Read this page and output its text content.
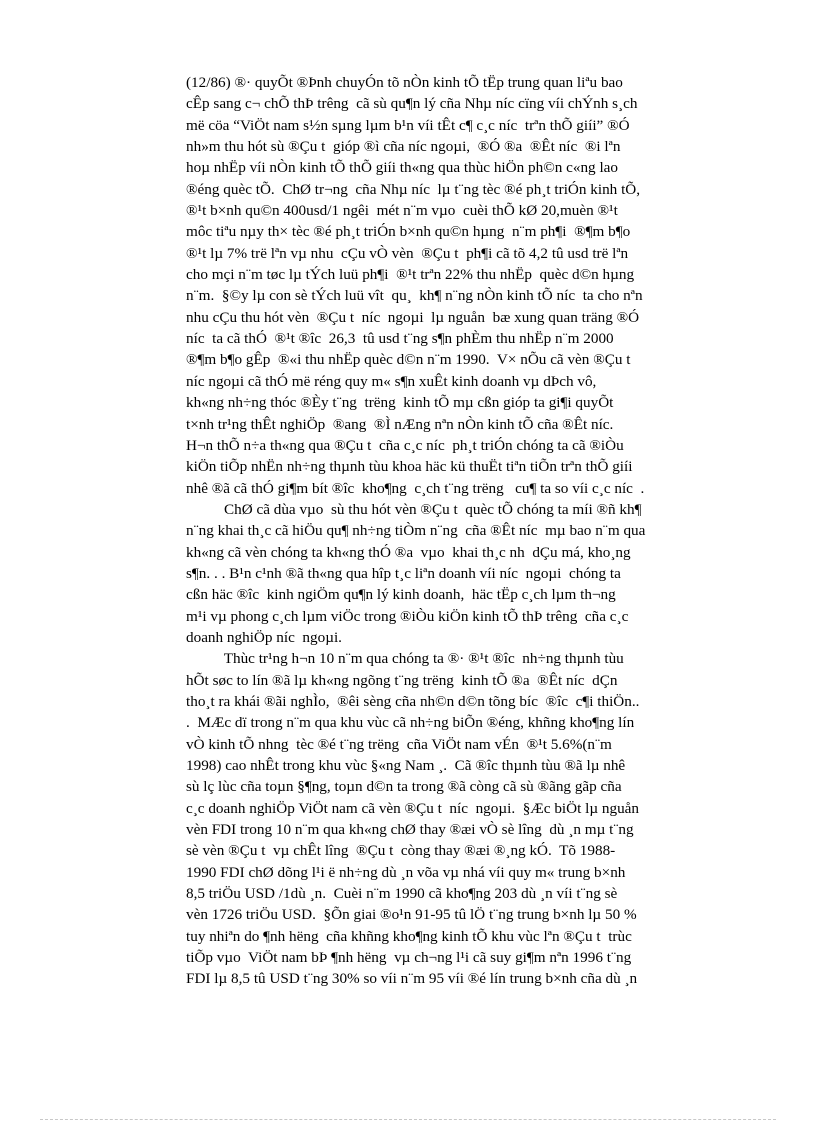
(12/86) ®· quyÕt ®Þnh chuyÓn tõ nÒn kinh tÕ tËp trung quan liªu bao
cÊp sang c¬ chÕ thÞ trêng  cã sù qu¶n lý cña Nhµ níc cïng víi chÝnh s¸ch
më cöa “ViÖt nam s½n sµng lµm b¹n víi tÊt c¶ c¸c níc  trªn thÕ giíi” ®Ó
nh»m thu hót sù ®Çu t  gióp ®ì cña níc ngoµi,  ®Ó ®a  ®Êt níc  ®i lªn
hoµ nhËp víi nÒn kinh tÕ thÕ giíi th«ng qua thùc hiÖn ph©n c«ng lao
®éng quèc tÕ.  ChØ tr¬ng  cña Nhµ níc  lµ t¨ng tèc ®é ph¸t triÓn kinh tÕ,
®¹t b×nh qu©n 400usd/1 ngêi  mét n¨m vµo  cuèi thÕ kØ 20,muèn ®¹t
môc tiªu nµy th× tèc ®é ph¸t triÓn b×nh qu©n hµng  n¨m ph¶i  ®¶m b¶o
®¹t lµ 7% trë lªn vµ nhu  cÇu vÒ vèn  ®Çu t  ph¶i cã tõ 4,2 tû usd trë lªn
cho mçi n¨m tøc lµ tÝch luü ph¶i  ®¹t trªn 22% thu nhËp  quèc d©n hµng
n¨m.  §©y lµ con sè tÝch luü vît  qu¸  kh¶ n¨ng nÒn kinh tÕ níc  ta cho nªn
nhu cÇu thu hót vèn  ®Çu t  níc  ngoµi  lµ nguån  bæ xung quan träng ®Ó
níc  ta cã thÓ  ®¹t ®îc  26,3  tû usd t¨ng s¶n phÈm thu nhËp n¨m 2000
®¶m b¶o gÊp  ®«i thu nhËp quèc d©n n¨m 1990.  V× nÕu cã vèn ®Çu t
níc ngoµi cã thÓ më réng quy m« s¶n xuÊt kinh doanh vµ dÞch vô,
kh«ng nh÷ng thóc ®Èy t¨ng  trëng  kinh tÕ mµ cßn gióp ta gi¶i quyÕt
t×nh tr¹ng thÊt nghiÖp  ®ang  ®Ì nÆng nªn nÒn kinh tÕ cña ®Êt níc.
H¬n thÕ n÷a th«ng qua ®Çu t  cña c¸c níc  ph¸t triÓn chóng ta cã ®iÒu
kiÖn tiÕp nhËn nh÷ng thµnh tùu khoa häc kü thuËt tiªn tiÕn trªn thÕ giíi
nhê ®ã cã thÓ gi¶m bít ®îc  kho¶ng  c¸ch t¨ng trëng   cu¶ ta so víi c¸c níc  .
ChØ cã dùa vµo  sù thu hót vèn ®Çu t  quèc tÕ chóng ta míi ®ñ kh¶
n¨ng khai th¸c cã hiÖu qu¶ nh÷ng tiÒm n¨ng  cña ®Êt níc  mµ bao n¨m qua
kh«ng cã vèn chóng ta kh«ng thÓ ®a  vµo  khai th¸c nh  dÇu má, kho¸ng
s¶n. . . B¹n c¹nh ®ã th«ng qua hîp t¸c liªn doanh víi níc  ngoµi  chóng ta
cßn häc ®îc  kinh ngiÖm qu¶n lý kinh doanh,  häc tËp c¸ch lµm th¬ng
m¹i vµ phong c¸ch lµm viÖc trong ®iÒu kiÖn kinh tÕ thÞ trêng  cña c¸c
doanh nghiÖp níc  ngoµi.
Thùc tr¹ng h¬n 10 n¨m qua chóng ta ®· ®¹t ®îc  nh÷ng thµnh tùu
hÕt søc to lín ®ã lµ kh«ng ngõng t¨ng trëng  kinh tÕ ®a  ®Êt níc  dÇn
tho¸t ra khái ®ãi nghÌo,  ®êi sèng cña nh©n d©n tõng bíc  ®îc  c¶i thiÖn..
.  MÆc dï trong n¨m qua khu vùc cã nh÷ng biÕn ®éng, khñng kho¶ng lín
vÒ kinh tÕ nhng  tèc ®é t¨ng trëng  cña ViÖt nam vÉn  ®¹t 5.6%(n¨m
1998) cao nhÊt trong khu vùc §«ng Nam ¸.  Cã ®îc thµnh tùu ®ã lµ nhê
sù lç lùc cña toµn §¶ng, toµn d©n ta trong ®ã còng cã sù ®ãng gãp cña
c¸c doanh nghiÖp ViÖt nam cã vèn ®Çu t  níc  ngoµi.  §Æc biÖt lµ nguån
vèn FDI trong 10 n¨m qua kh«ng chØ thay ®æi vÒ sè lîng  dù ¸n mµ t¨ng
sè vèn ®Çu t  vµ chÊt lîng  ®Çu t  còng thay ®æi ®¸ng kÓ.  Tõ 1988-
1990 FDI chØ dõng l¹i ë nh÷ng dù ¸n võa vµ nhá víi quy m« trung b×nh
8,5 triÖu USD /1dù ¸n.  Cuèi n¨m 1990 cã kho¶ng 203 dù ¸n víi t¨ng sè
vèn 1726 triÖu USD.  §Õn giai ®o¹n 91-95 tû lÖ t¨ng trung b×nh lµ 50 %
tuy nhiªn do ¶nh hëng  cña khñng kho¶ng kinh tÕ khu vùc lªn ®Çu t  trùc
tiÕp vµo  ViÖt nam bÞ ¶nh hëng  vµ ch¬ng l¹i cã suy gi¶m nªn 1996 t¨ng
FDI lµ 8,5 tû USD t¨ng 30% so víi n¨m 95 víi ®é lín trung b×nh cña dù ¸n
